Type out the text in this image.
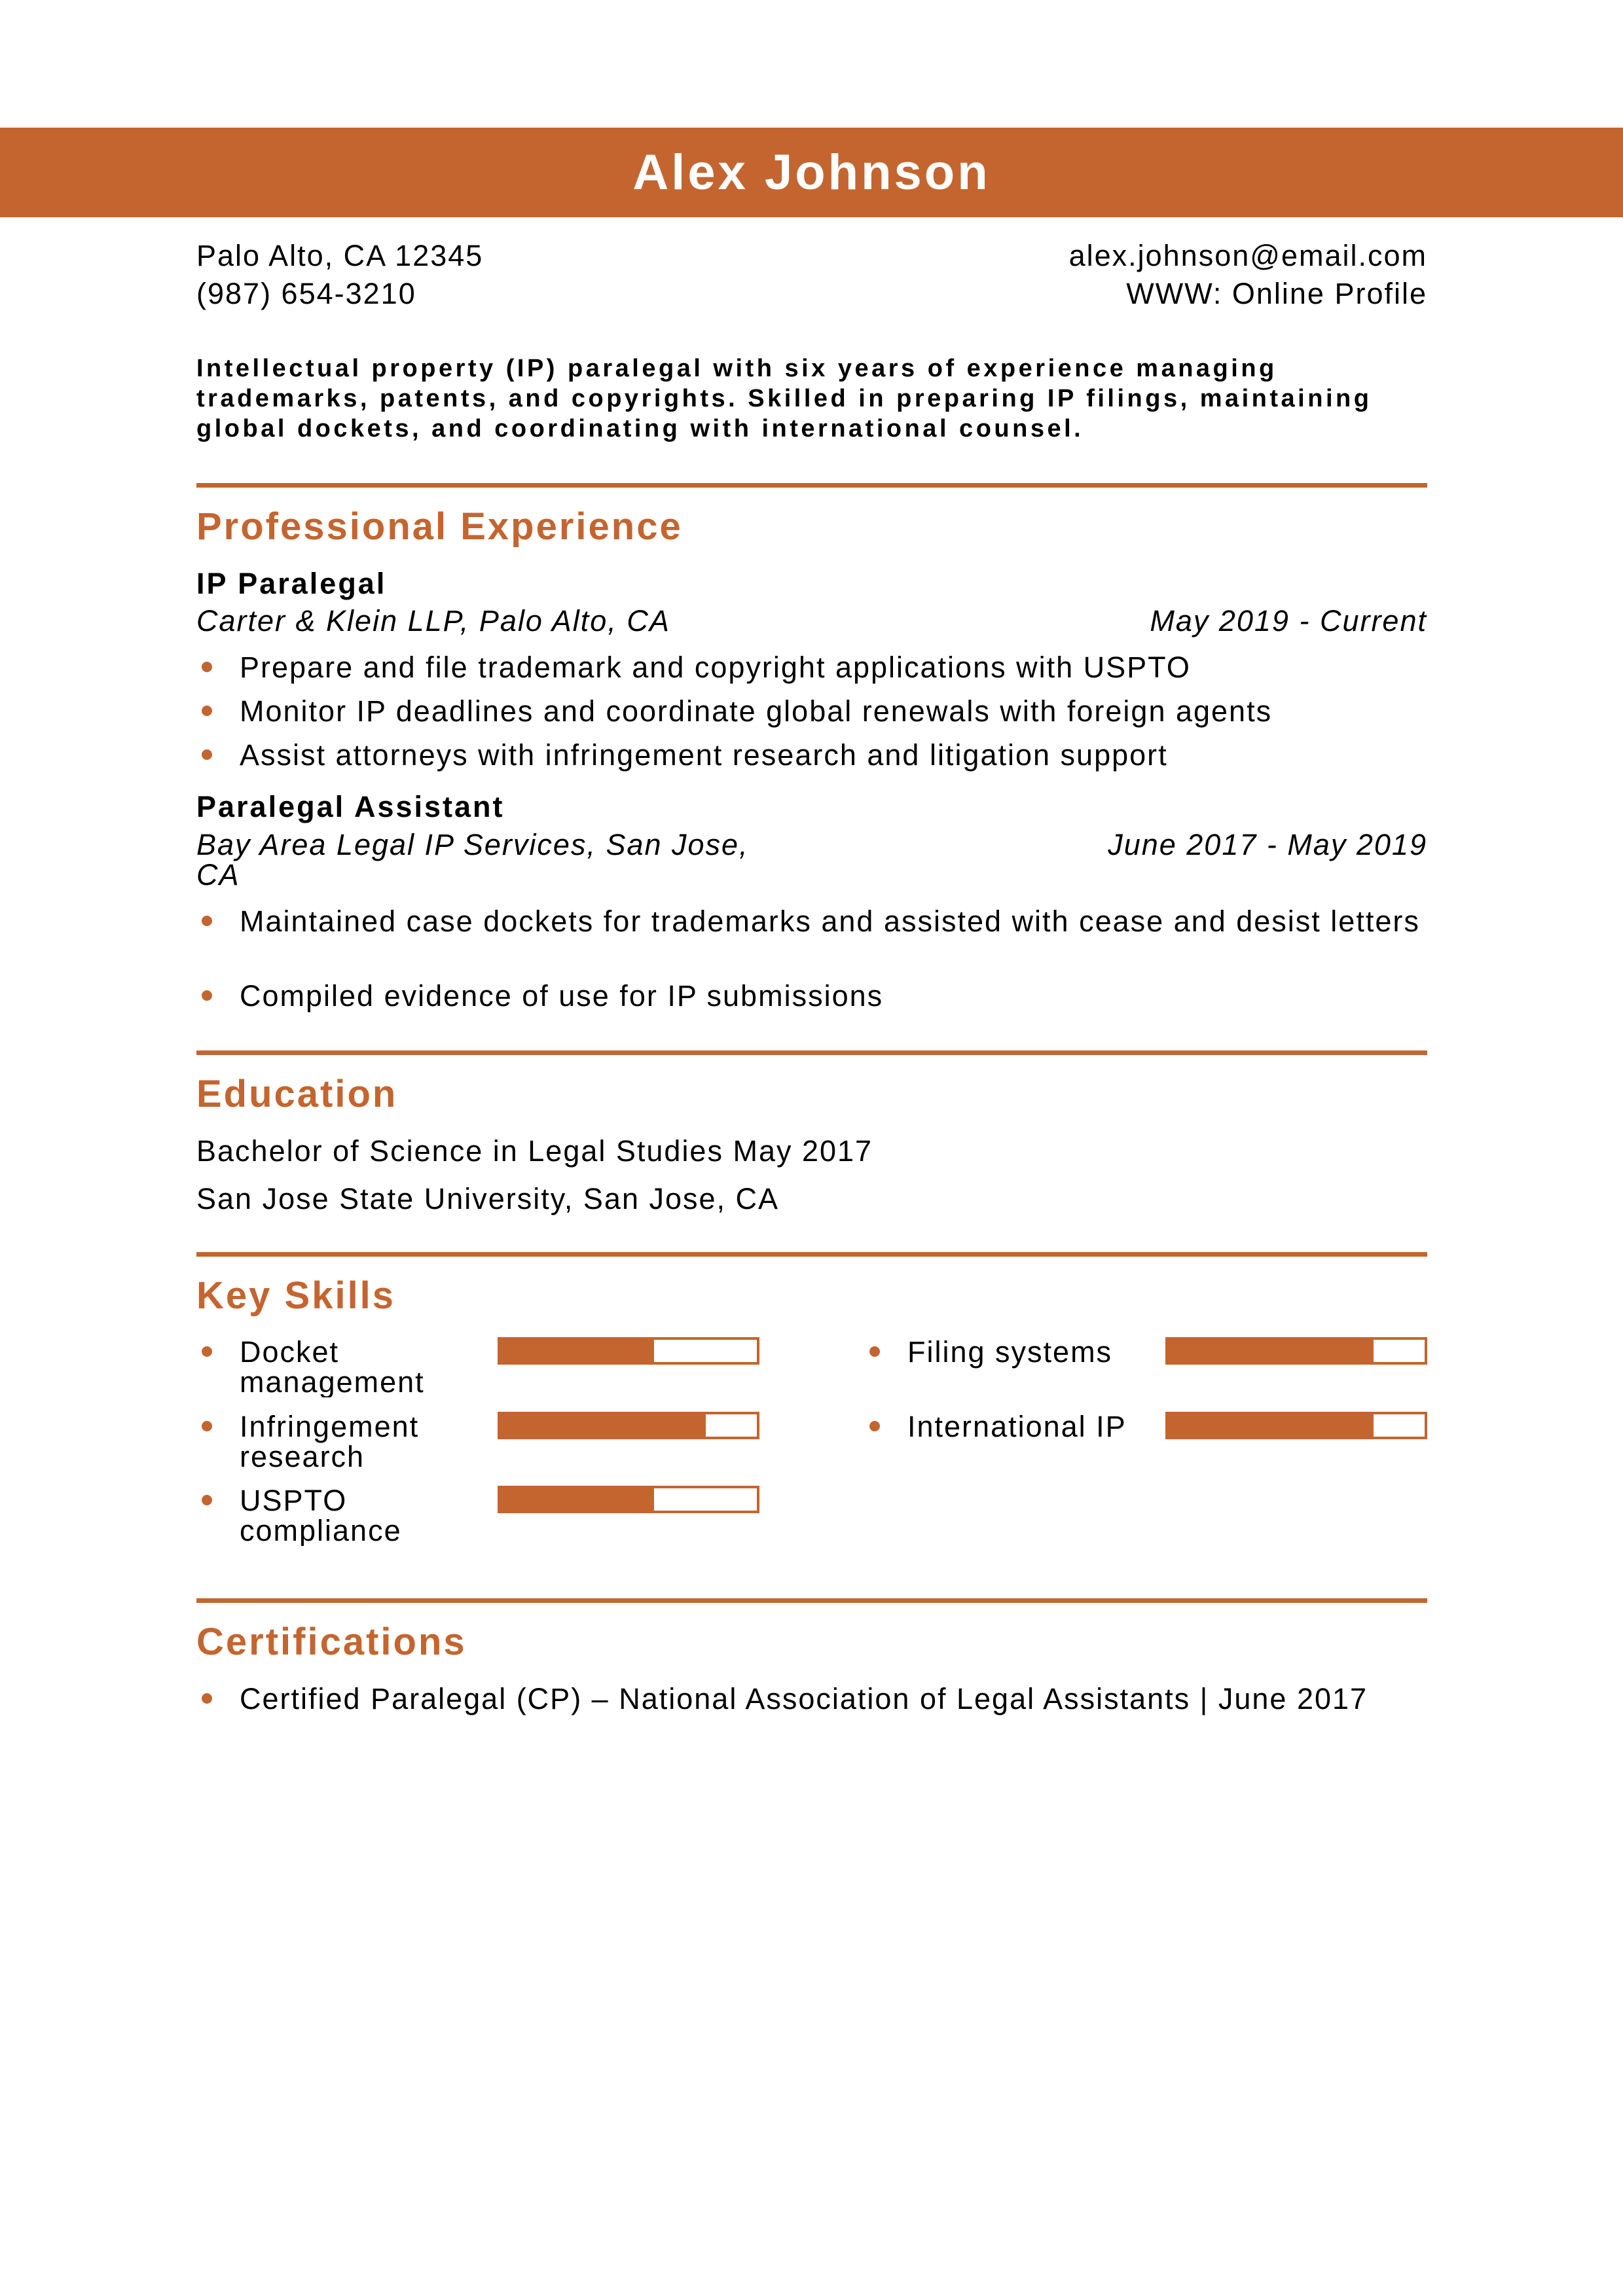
Alex Johnson
Palo Alto, CA 12345	alex.johnson@email.com
(987) 654-3210	WWW: Online Profile
Intellectual property (IP) paralegal with six years of experience managing trademarks, patents, and copyrights. Skilled in preparing IP filings, maintaining global dockets, and coordinating with international counsel.
Professional Experience
IP Paralegal
Carter & Klein LLP, Palo Alto, CA	May 2019 - Current
Prepare and file trademark and copyright applications with USPTO
Monitor IP deadlines and coordinate global renewals with foreign agents
Assist attorneys with infringement research and litigation support
Paralegal Assistant
Bay Area Legal IP Services, San Jose, CA
June 2017 - May 2019
Maintained case dockets for trademarks and assisted with cease and desist letters
Compiled evidence of use for IP submissions
Education
Bachelor of Science in Legal Studies May 2017
San Jose State University, San Jose, CA
Key Skills
Docket management
Filing systems
Infringement research
International IP
USPTO compliance
Certifications
Certified Paralegal (CP) – National Association of Legal Assistants | June 2017
